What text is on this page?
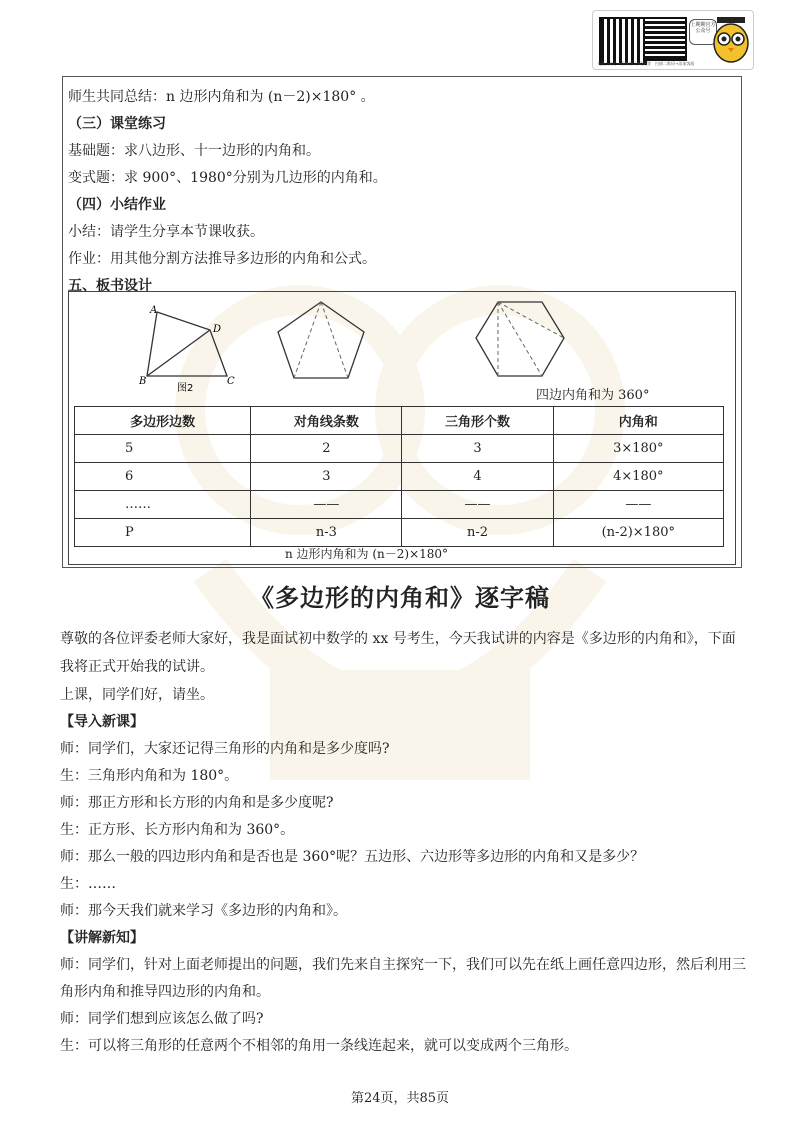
关注公众号→资料/学习/资讯等 扫描二维码→添加客服
上期期官方公众号
师生共同总结：n 边形内角和为 (n－2)×180° 。
（三）课堂练习
基础题：求八边形、十一边形的内角和。
变式题：求 900°、1980°分别为几边形的内角和。
（四）小结作业
小结：请学生分享本节课收获。
作业：用其他分割方法推导多边形的内角和公式。
五、板书设计
A
D
B	C
图2	四边内角和为 360°
多边形边数	对角线条数	三角形个数	内角和
5	2	3	3×180°
6	3	4	4×180°
……	——	——	——
P	n-3	n-2	(n-2)×180°
n 边形内角和为 (n－2)×180°
《多边形的内角和》逐字稿
尊敬的各位评委老师大家好，我是面试初中数学的 xx 号考生，今天我试讲的内容是《多边形的内角和》，下面
我将正式开始我的试讲。
上课，同学们好，请坐。
【导入新课】
师：同学们，大家还记得三角形的内角和是多少度吗?
生：三角形内角和为 180°。
师：那正方形和长方形的内角和是多少度呢?
生：正方形、长方形内角和为 360°。
师：那么一般的四边形内角和是否也是 360°呢？五边形、六边形等多边形的内角和又是多少？
生：……
师：那今天我们就来学习《多边形的内角和》。
【讲解新知】
师：同学们，针对上面老师提出的问题，我们先来自主探究一下，我们可以先在纸上画任意四边形，然后利用三
角形内角和推导四边形的内角和。
师：同学们想到应该怎么做了吗?
生：可以将三角形的任意两个不相邻的角用一条线连起来，就可以变成两个三角形。
第24页，共85页
